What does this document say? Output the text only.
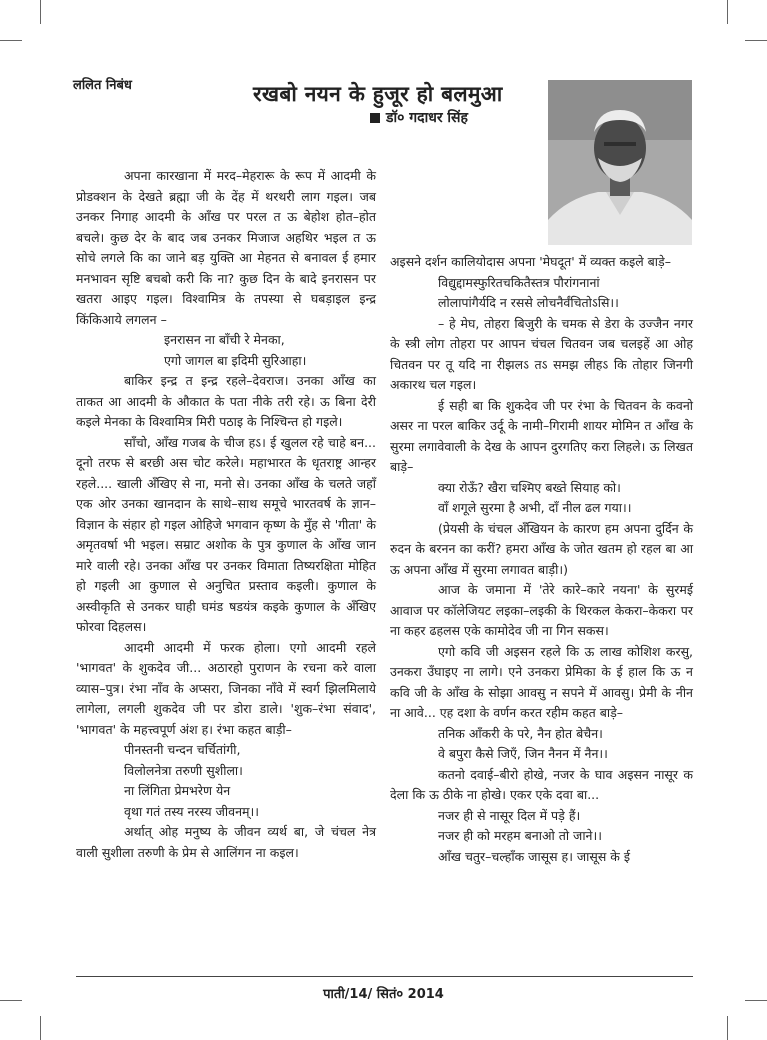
ललित निबंध	रखबो नयन के हुजूर हो बलमुआ
डॉ० गदाधर सिंह

अपना कारखाना में मरद–मेहरारू के रूप में आदमी के प्रोडक्शन के देखते ब्रह्मा जी के देंह में थरथरी लाग गइल। जब उनकर निगाह आदमी के आँख पर परल त ऊ बेहोश होत–होत बचले। कुछ देर के बाद जब उनकर मिजाज अहथिर भइल त ऊ सोचे लगले कि का जाने बड़ युक्ति आ मेहनत से बनावल ई हमार मनभावन सृष्टि बचबो करी कि ना? कुछ दिन के बादे इनरासन पर खतरा आइए गइल। विश्वामित्र के तपस्या से घबड़ाइल इन्द्र किंकिआये लगलन –

इनरासन ना बाँची रे मेनका,

एगो जागल बा इदिमी सुरिआहा।

बाकिर इन्द्र त इन्द्र रहले–देवराज। उनका आँख का ताकत आ आदमी के औकात के पता नीके तरी रहे। ऊ बिना देरी कइले मेनका के विश्वामित्र मिरी पठाइ के निश्चिन्त हो गइले।

साँचो, आँख गजब के चीज हऽ। ई खुलल रहे चाहे बन... दूनो तरफ से बरछी अस चोट करेले। महाभारत के धृतराष्ट्र आन्हर रहले.... खाली अँखिए से ना, मनो से। उनका आँख के चलते जहाँ एक ओर उनका खानदान के साथे–साथ समूचे भारतवर्ष के ज्ञान–विज्ञान के संहार हो गइल ओहिजे भगवान कृष्ण के मुँह से 'गीता' के अमृतवर्षा भी भइल। सम्राट अशोक के पुत्र कुणाल के आँख जान मारे वाली रहे। उनका आँख पर उनकर विमाता तिष्यरक्षिता मोहित हो गइली आ कुणाल से अनुचित प्रस्ताव कइली। कुणाल के अस्वीकृति से उनकर घाही घमंड षडयंत्र कइके कुणाल के अँखिए फोरवा दिहलस।

आदमी आदमी में फरक होला। एगो आदमी रहले 'भागवत' के शुकदेव जी... अठारहो पुराणन के रचना करे वाला व्यास–पुत्र। रंभा नाँव के अप्सरा, जिनका नाँवे में स्वर्ग झिलमिलाये लागेला, लगली शुकदेव जी पर डोरा डाले। 'शुक–रंभा संवाद', 'भागवत' के महत्त्वपूर्ण अंश ह। रंभा कहत बाड़ी–

पीनस्तनी चन्दन चर्चितांगी,

विलोलनेत्रा तरुणी सुशीला।

ना लिंगिता प्रेमभरेण येन

वृथा गतं तस्य नरस्य जीवनम्।।

अर्थात् ओह मनुष्य के जीवन व्यर्थ बा, जे चंचल नेत्र वाली सुशीला तरुणी के प्रेम से आलिंगन ना कइल।

अइसने दर्शन कालियोदास अपना 'मेघदूत' में व्यक्त कइले बाड़े–

विद्युद्दामस्फुरितचकितैस्तत्र पौरांगनानां

लोलापांगैर्यदि न रससे लोचनैर्वंचितोऽसि।।

– हे मेघ, तोहरा बिजुरी के चमक से डेरा के उज्जैन नगर के स्त्री लोग तोहरा पर आपन चंचल चितवन जब चलइहें आ ओह चितवन पर तू यदि ना रीझलऽ तऽ समझ लीहऽ कि तोहार जिनगी अकारथ चल गइल।

ई सही बा कि शुकदेव जी पर रंभा के चितवन के कवनो असर ना परल बाकिर उर्दू के नामी–गिरामी शायर मोमिन त आँख के सुरमा लगावेवाली के देख के आपन दुरगतिए करा लिहले। ऊ लिखत बाड़े–

क्या रोऊँ? खैरा चश्मिए बख्ते सियाह को।

वाँ शगूले सुरमा है अभी, दाँ नील ढल गया।।

(प्रेयसी के चंचल अँखियन के कारण हम अपना दुर्दिन के रुदन के बरनन का करीं? हमरा आँख के जोत खतम हो रहल बा आ ऊ अपना आँख में सुरमा लगावत बाड़ी।)

आज के जमाना में 'तेरे कारे–कारे नयना' के सुरमई आवाज पर कॉलेजियट लइका–लइकी के थिरकल केकरा–केकरा पर ना कहर ढहलस एके कामोदेव जी ना गिन सकस।

एगो कवि जी अइसन रहले कि ऊ लाख कोशिश करसु, उनकरा उँघाइए ना लागे। एने उनकरा प्रेमिका के ई हाल कि ऊ न कवि जी के आँख के सोझा आवसु न सपने में आवसु। प्रेमी के नीन ना आवे... एह दशा के वर्णन करत रहीम कहत बाड़े–

तनिक आँकरी के परे, नैन होत बेचैन।

वे बपुरा कैसे जिएँ, जिन नैनन में नैन।।

कतनो दवाई–बीरो होखे, नजर के घाव अइसन नासूर क देला कि ऊ ठीके ना होखे। एकर एके दवा बा...

नजर ही से नासूर दिल में पड़े हैं।

नजर ही को मरहम बनाओ तो जाने।।

आँख चतुर–चल्हाँक जासूस ह। जासूस के ई

पाती/14/ सितं० 2014
